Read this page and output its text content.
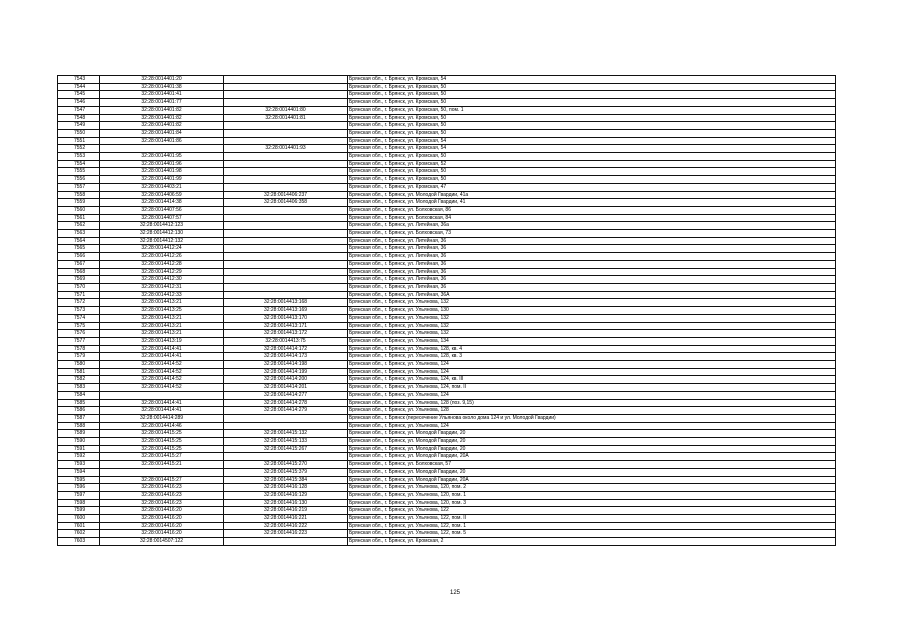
7543	32:28:0014401:20		Брянская обл., г. Брянск, ул. Кромская, 54
7544	32:28:0014401:38		Брянская обл., г. Брянск, ул. Кромская, 50
7545	32:28:0014401:41		Брянская обл., г. Брянск, ул. Кромская, 50
7546	32:28:0014401:77		Брянская обл., г. Брянск, ул. Кромская, 50
7547	32:28:0014401:82	32:28:0014401:80	Брянская обл., г. Брянск, ул. Кромская, 50, пом. 1
7548	32:28:0014401:82	32:28:0014401:81	Брянская обл., г. Брянск, ул. Кромская, 50
7549	32:28:0014401:82		Брянская обл., г. Брянск, ул. Кромская, 50
7550	32:28:0014401:84		Брянская обл., г. Брянск, ул. Кромская, 50
7551	32:28:0014401:86		Брянская обл., г. Брянск, ул. Кромская, 54
7552		32:28:0014401:93	Брянская обл., г. Брянск, ул. Кромская, 54
7553	32:28:0014401:95		Брянская обл., г. Брянск, ул. Кромская, 50
7554	32:28:0014401:96		Брянская обл., г. Брянск, ул. Кромская, 52
7555	32:28:0014401:98		Брянская обл., г. Брянск, ул. Кромская, 50
7556	32:28:0014401:99		Брянская обл., г. Брянск, ул. Кромская, 50
7557	32:28:0014403:21		Брянская обл., г. Брянск, ул. Кромская, 47
7558	32:28:0014406:59	32:28:0014406:237	Брянская обл., г. Брянск, ул. Молодой Гвардии, 41а
7559	32:28:0014414:38	32:28:0014406:358	Брянская обл., г. Брянск, ул. Молодой Гвардии, 41
7560	32:28:0014407:56		Брянская обл., г. Брянск, ул. Болховская, 86
7561	32:28:0014407:57		Брянская обл., г. Брянск, ул. Болховская, 84
7562	32:28:0014412:123		Брянская обл., г. Брянск, ул. Литейная, 36а
7563	32:28:0014412:130		Брянская обл., г. Брянск, ул. Болховская, 73
7564	32:28:0014412:132		Брянская обл., г. Брянск, ул. Литейная, 36
7565	32:28:0014412:24		Брянская обл., г. Брянск, ул. Литейная, 36
7566	32:28:0014412:26		Брянская обл., г. Брянск, ул. Литейная, 36
7567	32:28:0014412:28		Брянская обл., г. Брянск, ул. Литейная, 36
7568	32:28:0014412:29		Брянская обл., г. Брянск, ул. Литейная, 36
7569	32:28:0014412:30		Брянская обл., г. Брянск, ул. Литейная, 36
7570	32:28:0014412:31		Брянская обл., г. Брянск, ул. Литейная, 36
7571	32:28:0014412:33		Брянская обл., г. Брянск, ул. Литейная, 36А
7572	32:28:0014413:21	32:28:0014413:168	Брянская обл., г. Брянск, ул. Ульянова, 132
7573	32:28:0014413:25	32:28:0014413:169	Брянская обл., г. Брянск, ул. Ульянова, 130
7574	32:28:0014413:21	32:28:0014413:170	Брянская обл., г. Брянск, ул. Ульянова, 132
7575	32:28:0014413:21	32:28:0014413:171	Брянская обл., г. Брянск, ул. Ульянова, 132
7576	32:28:0014413:21	32:28:0014413:172	Брянская обл., г. Брянск, ул. Ульянова, 132
7577	32:28:0014413:19	32:28:0014413:75	Брянская обл., г. Брянск, ул. Ульянова, 134
7578	32:28:0014414:41	32:28:0014414:172	Брянская обл., г. Брянск, ул. Ульянова, 128, кв. 4
7579	32:28:0014414:41	32:28:0014414:173	Брянская обл., г. Брянск, ул. Ульянова, 128, кв. 3
7580	32:28:0014414:52	32:28:0014414:198	Брянская обл., г. Брянск, ул. Ульянова, 124
7581	32:28:0014414:52	32:28:0014414:199	Брянская обл., г. Брянск, ул. Ульянова, 124
7582	32:28:0014414:52	32:28:0014414:200	Брянская обл., г. Брянск, ул. Ульянова, 124, кв. III
7583	32:28:0014414:52	32:28:0014414:201	Брянская обл., г. Брянск, ул. Ульянова, 124, пом. II
7584		32:28:0014414:277	Брянская обл., г. Брянск, ул. Ульянова, 124
7585	32:28:0014414:41	32:28:0014414:278	Брянская обл., г. Брянск, ул. Ульянова, 128 (поз. 9,15)
7586	32:28:0014414:41	32:28:0014414:279	Брянская обл., г. Брянск, ул. Ульянова, 128
7587	32:28:0014414:289		Брянская обл., г. Брянск (пересечение Ульянова около дома 124 и ул. Молодой Гвардии)
7588	32:28:0014414:46		Брянская обл., г. Брянск, ул. Ульянова, 124
7589	32:28:0014415:25	32:28:0014415:132	Брянская обл., г. Брянск, ул. Молодой Гвардии, 20
7590	32:28:0014415:25	32:28:0014415:133	Брянская обл., г. Брянск, ул. Молодой Гвардии, 20
7591	32:28:0014415:25	32:28:0014415:267	Брянская обл., г. Брянск, ул. Молодой Гвардии, 20
7592	32:28:0014415:27		Брянская обл., г. Брянск, ул. Молодой Гвардии, 20А
7593	32:28:0014415:21	32:28:0014415:270	Брянская обл., г. Брянск, ул. Болховская, 57
7594		32:28:0014415:379	Брянская обл., г. Брянск, ул. Молодой Гвардии, 20
7595	32:28:0014415:27	32:28:0014415:384	Брянская обл., г. Брянск, ул. Молодой Гвардии, 20А
7596	32:28:0014416:23	32:28:0014416:128	Брянская обл., г. Брянск, ул. Ульянова, 120, пом. 2
7597	32:28:0014416:23	32:28:0014416:129	Брянская обл., г. Брянск, ул. Ульянова, 120, пом. 1
7598	32:28:0014416:23	32:28:0014416:130	Брянская обл., г. Брянск, ул. Ульянова, 120, пом. 3
7599	32:28:0014416:20	32:28:0014416:219	Брянская обл., г. Брянск, ул. Ульянова, 122
7600	32:28:0014416:20	32:28:0014416:221	Брянская обл., г. Брянск, ул. Ульянова, 122, пом. II
7601	32:28:0014416:20	32:28:0014416:222	Брянская обл., г. Брянск, ул. Ульянова, 122, пом. 1
7602	32:28:0014416:20	32:28:0014416:223	Брянская обл., г. Брянск, ул. Ульянова, 122, пом. 5
7603	32:28:0014507:122		Брянская обл., г. Брянск, ул. Кромская, 2
125
